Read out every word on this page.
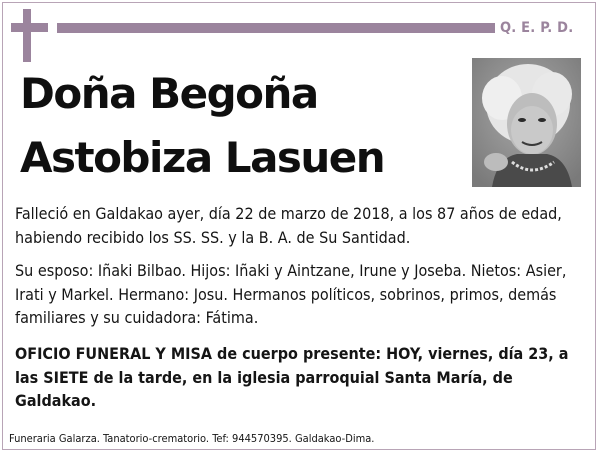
Q. E. P. D.
Doña Begoña
Astobiza Lasuen
Falleció en Galdakao ayer, día 22 de marzo de 2018, a los 87 años de edad, habiendo recibido los SS. SS. y la B. A. de Su Santidad.
Su esposo: Iñaki Bilbao. Hijos: Iñaki y Aintzane, Irune y Joseba. Nietos: Asier, Irati y Markel. Hermano: Josu. Hermanos políticos, sobrinos, primos, demás familiares y su cuidadora: Fátima.
OFICIO FUNERAL Y MISA de cuerpo presente: HOY, viernes, día 23, a las SIETE de la tarde, en la iglesia parroquial Santa María, de Galdakao.
Funeraria Galarza. Tanatorio-crematorio. Tef: 944570395. Galdakao-Dima.
